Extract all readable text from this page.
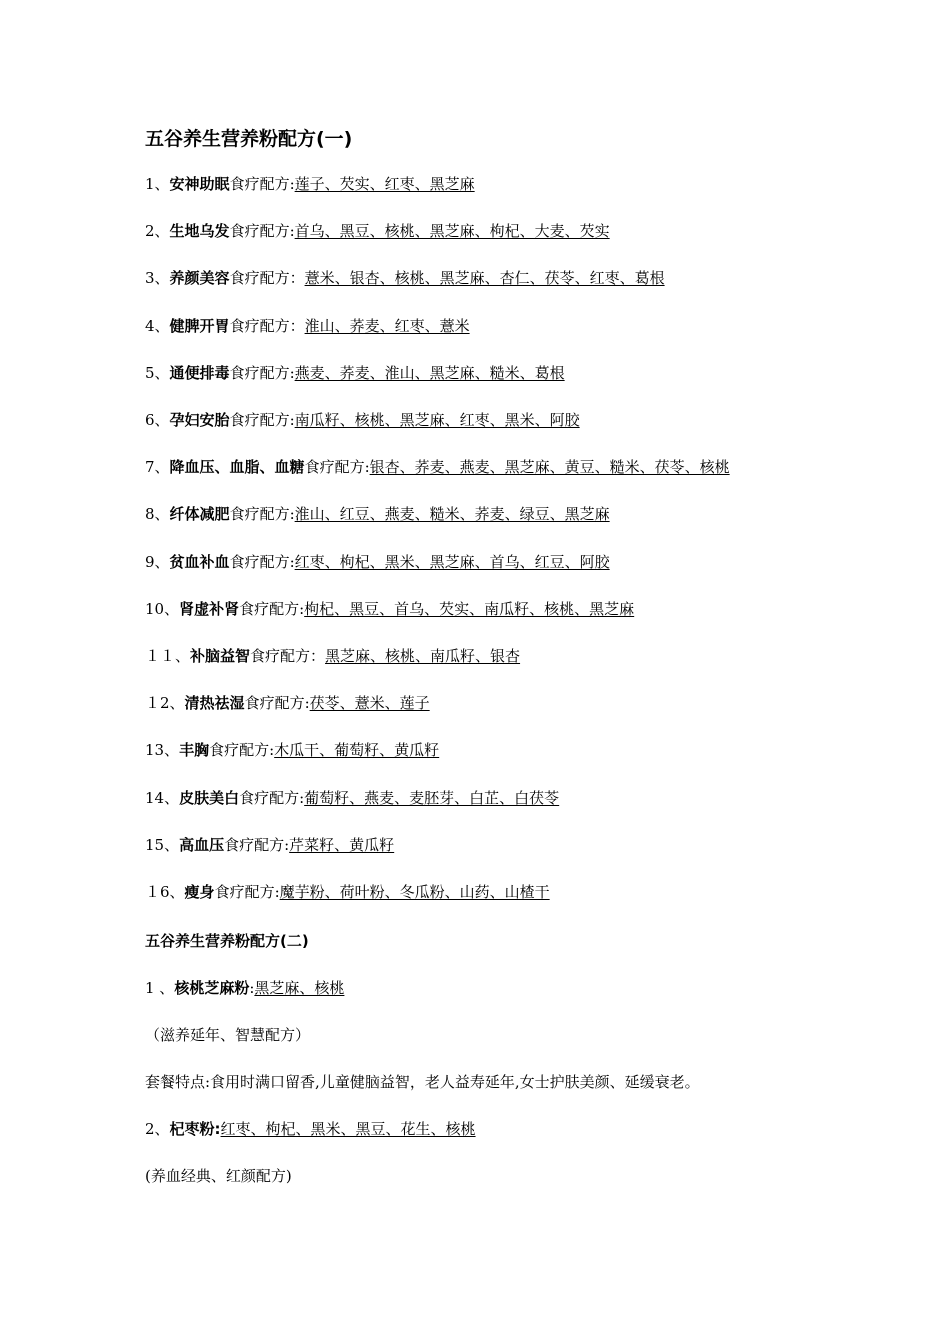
五谷养生营养粉配方(一)
1、安神助眠食疗配方:莲子、芡实、红枣、黑芝麻
2、生地乌发食疗配方:首乌、黑豆、核桃、黑芝麻、枸杞、大麦、芡实
3、养颜美容食疗配方：薏米、银杏、核桃、黑芝麻、杏仁、茯苓、红枣、葛根
4、健脾开胃食疗配方：淮山、荞麦、红枣、薏米
5、通便排毒食疗配方:燕麦、荞麦、淮山、黑芝麻、糙米、葛根
6、孕妇安胎食疗配方:南瓜籽、核桃、黑芝麻、红枣、黑米、阿胶
7、降血压、血脂、血糖食疗配方:银杏、荞麦、燕麦、黑芝麻、黄豆、糙米、茯苓、核桃
8、纤体减肥食疗配方:淮山、红豆、燕麦、糙米、荞麦、绿豆、黑芝麻
9、贫血补血食疗配方:红枣、枸杞、黑米、黑芝麻、首乌、红豆、阿胶
10、肾虚补肾食疗配方:枸杞、黑豆、首乌、芡实、南瓜籽、核桃、黑芝麻
１１、补脑益智食疗配方：黑芝麻、核桃、南瓜籽、银杏
１2、清热祛湿食疗配方:茯苓、薏米、莲子
13、丰胸食疗配方:木瓜干、葡萄籽、黄瓜籽
14、皮肤美白食疗配方:葡萄籽、燕麦、麦胚芽、白芷、白茯苓
15、高血压食疗配方:芹菜籽、黄瓜籽
１6、瘦身食疗配方:魔芋粉、荷叶粉、冬瓜粉、山药、山楂干
五谷养生营养粉配方(二)
1 、核桃芝麻粉:黑芝麻、核桃
（滋养延年、智慧配方）
套餐特点:食用时满口留香,儿童健脑益智，老人益寿延年,女士护肤美颜、延缓衰老。
2、杞枣粉:红枣、枸杞、黑米、黑豆、花生、核桃
(养血经典、红颜配方)
